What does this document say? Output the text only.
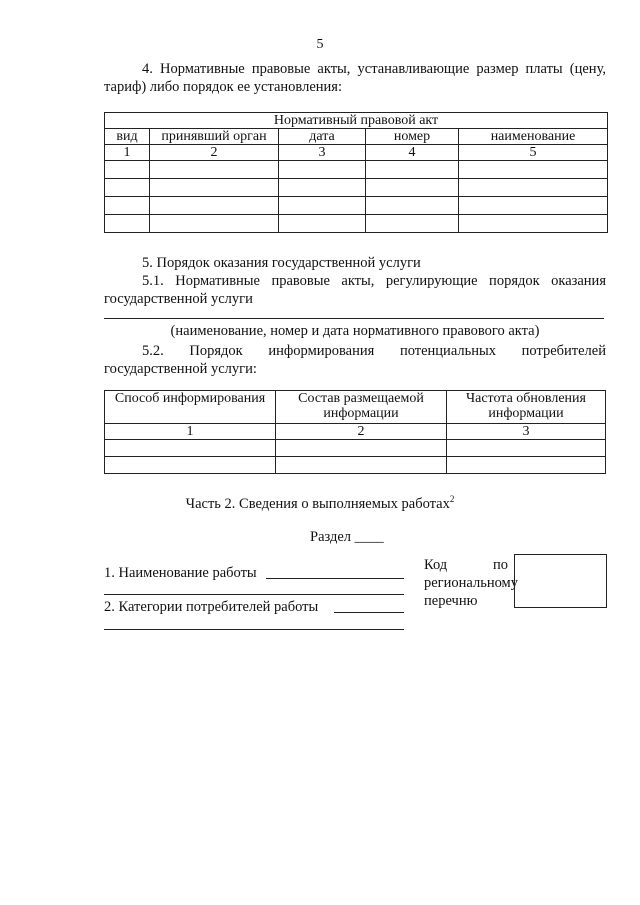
5
4. Нормативные правовые акты, устанавливающие размер платы (цену, тариф) либо порядок ее установления:
Нормативный правовой акт				
вид	принявший орган	дата	номер	наименование
1	2	3	4	5

5. Порядок оказания государственной услуги
5.1. Нормативные правовые акты, регулирующие порядок оказания государственной услуги
(наименование, номер и дата нормативного правового акта)
5.2. Порядок информирования потенциальных потребителей государственной услуги:
Способ информирования	Состав размещаемой информации	Частота обновления информации
1	2	3

Часть 2. Сведения о выполняемых работах$^2$
Раздел ____
1. Наименование работы
2. Категории потребителей работы
Код по региональному перечню
